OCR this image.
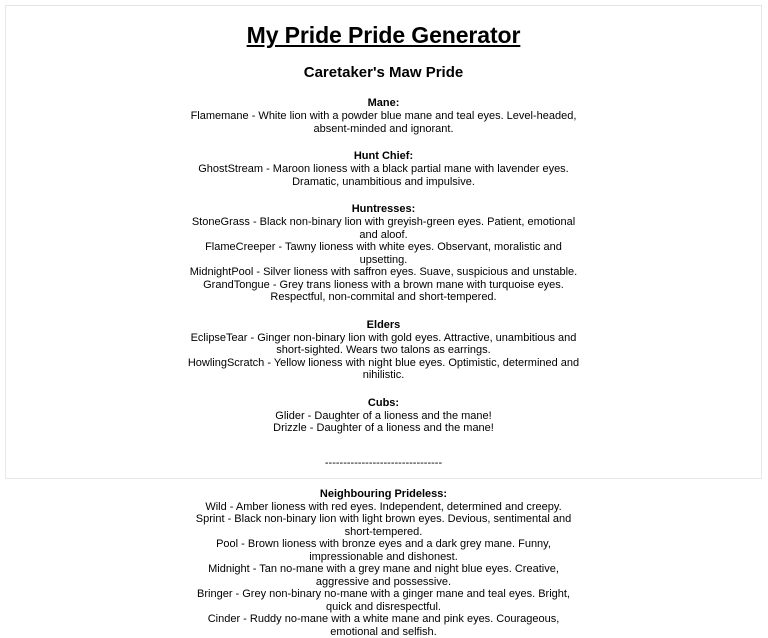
My Pride Pride Generator
Caretaker's Maw Pride
Mane:
Flamemane - White lion with a powder blue mane and teal eyes. Level-headed, absent-minded and ignorant.
Hunt Chief:
GhostStream - Maroon lioness with a black partial mane with lavender eyes. Dramatic, unambitious and impulsive.
Huntresses:
StoneGrass - Black non-binary lion with greyish-green eyes. Patient, emotional and aloof.
FlameCreeper - Tawny lioness with white eyes. Observant, moralistic and upsetting.
MidnightPool - Silver lioness with saffron eyes. Suave, suspicious and unstable.
GrandTongue - Grey trans lioness with a brown mane with turquoise eyes. Respectful, non-commital and short-tempered.
Elders
EclipseTear - Ginger non-binary lion with gold eyes. Attractive, unambitious and short-sighted. Wears two talons as earrings.
HowlingScratch - Yellow lioness with night blue eyes. Optimistic, determined and nihilistic.
Cubs:
Glider - Daughter of a lioness and the mane!
Drizzle - Daughter of a lioness and the mane!
--------------------------------
Neighbouring Prideless:
Wild - Amber lioness with red eyes. Independent, determined and creepy.
Sprint - Black non-binary lion with light brown eyes. Devious, sentimental and short-tempered.
Pool - Brown lioness with bronze eyes and a dark grey mane. Funny, impressionable and dishonest.
Midnight - Tan no-mane with a grey mane and night blue eyes. Creative, aggressive and possessive.
Bringer - Grey non-binary no-mane with a ginger mane and teal eyes. Bright, quick and disrespectful.
Cinder - Ruddy no-mane with a white mane and pink eyes. Courageous, emotional and selfish.
